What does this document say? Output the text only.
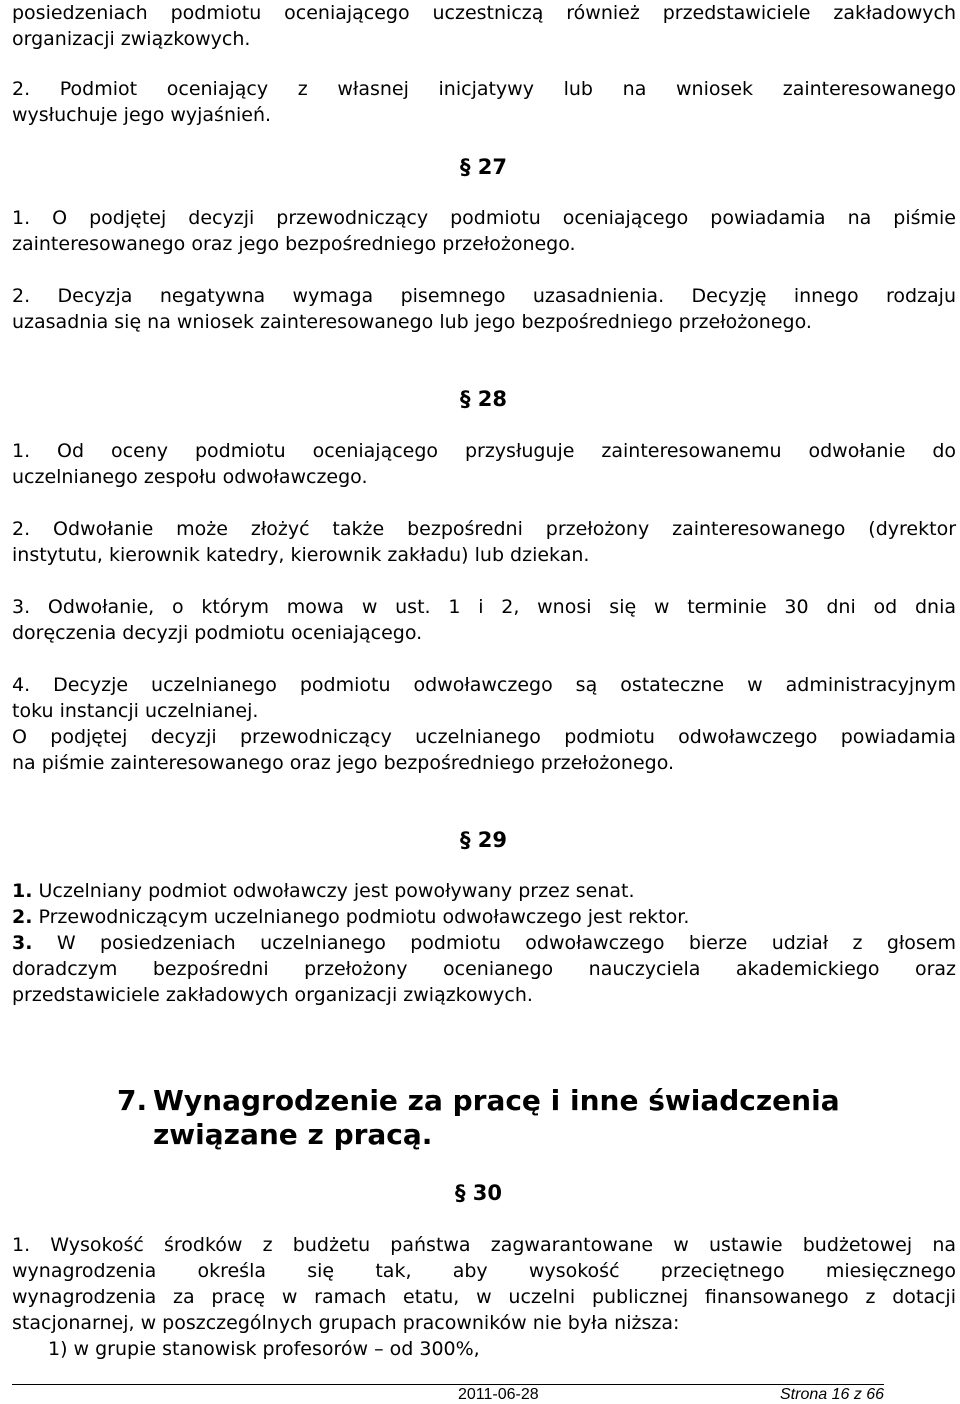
posiedzeniach podmiotu oceniającego uczestniczą również przedstawiciele zakładowych

organizacji związkowych.

2. Podmiot oceniający z własnej inicjatywy lub na wniosek zainteresowanego

wysłuchuje jego wyjaśnień.

§ 27

1. O podjętej decyzji przewodniczący podmiotu oceniającego powiadamia na piśmie

zainteresowanego oraz jego bezpośredniego przełożonego.

2. Decyzja negatywna wymaga pisemnego uzasadnienia. Decyzję innego rodzaju

uzasadnia się na wniosek zainteresowanego lub jego bezpośredniego przełożonego.

§ 28

1. Od oceny podmiotu oceniającego przysługuje zainteresowanemu odwołanie do

uczelnianego zespołu odwoławczego.

2. Odwołanie może złożyć także bezpośredni przełożony zainteresowanego (dyrektor

instytutu, kierownik katedry, kierownik zakładu) lub dziekan.

3. Odwołanie, o którym mowa w ust. 1 i 2, wnosi się w terminie 30 dni od dnia

doręczenia decyzji podmiotu oceniającego.

4. Decyzje uczelnianego podmiotu odwoławczego są ostateczne w administracyjnym

toku instancji uczelnianej.

O podjętej decyzji przewodniczący uczelnianego podmiotu odwoławczego powiadamia

na piśmie zainteresowanego oraz jego bezpośredniego przełożonego.

§ 29

1. Uczelniany podmiot odwoławczy jest powoływany przez senat.

2. Przewodniczącym uczelnianego podmiotu odwoławczego jest rektor.

3. W posiedzeniach uczelnianego podmiotu odwoławczego bierze udział z głosem

doradczym bezpośredni przełożony ocenianego nauczyciela akademickiego oraz

przedstawiciele zakładowych organizacji związkowych.

7. Wynagrodzenie za pracę i inne świadczenia
związane z pracą.
§ 30

1. Wysokość środków z budżetu państwa zagwarantowane w ustawie budżetowej na

wynagrodzenia określa się tak, aby wysokość przeciętnego miesięcznego

wynagrodzenia za pracę w ramach etatu, w uczelni publicznej finansowanego z dotacji

stacjonarnej, w poszczególnych grupach pracowników nie była niższa:

1) w grupie stanowisk profesorów – od 300%,

2011-06-28	Strona 16 z 66
